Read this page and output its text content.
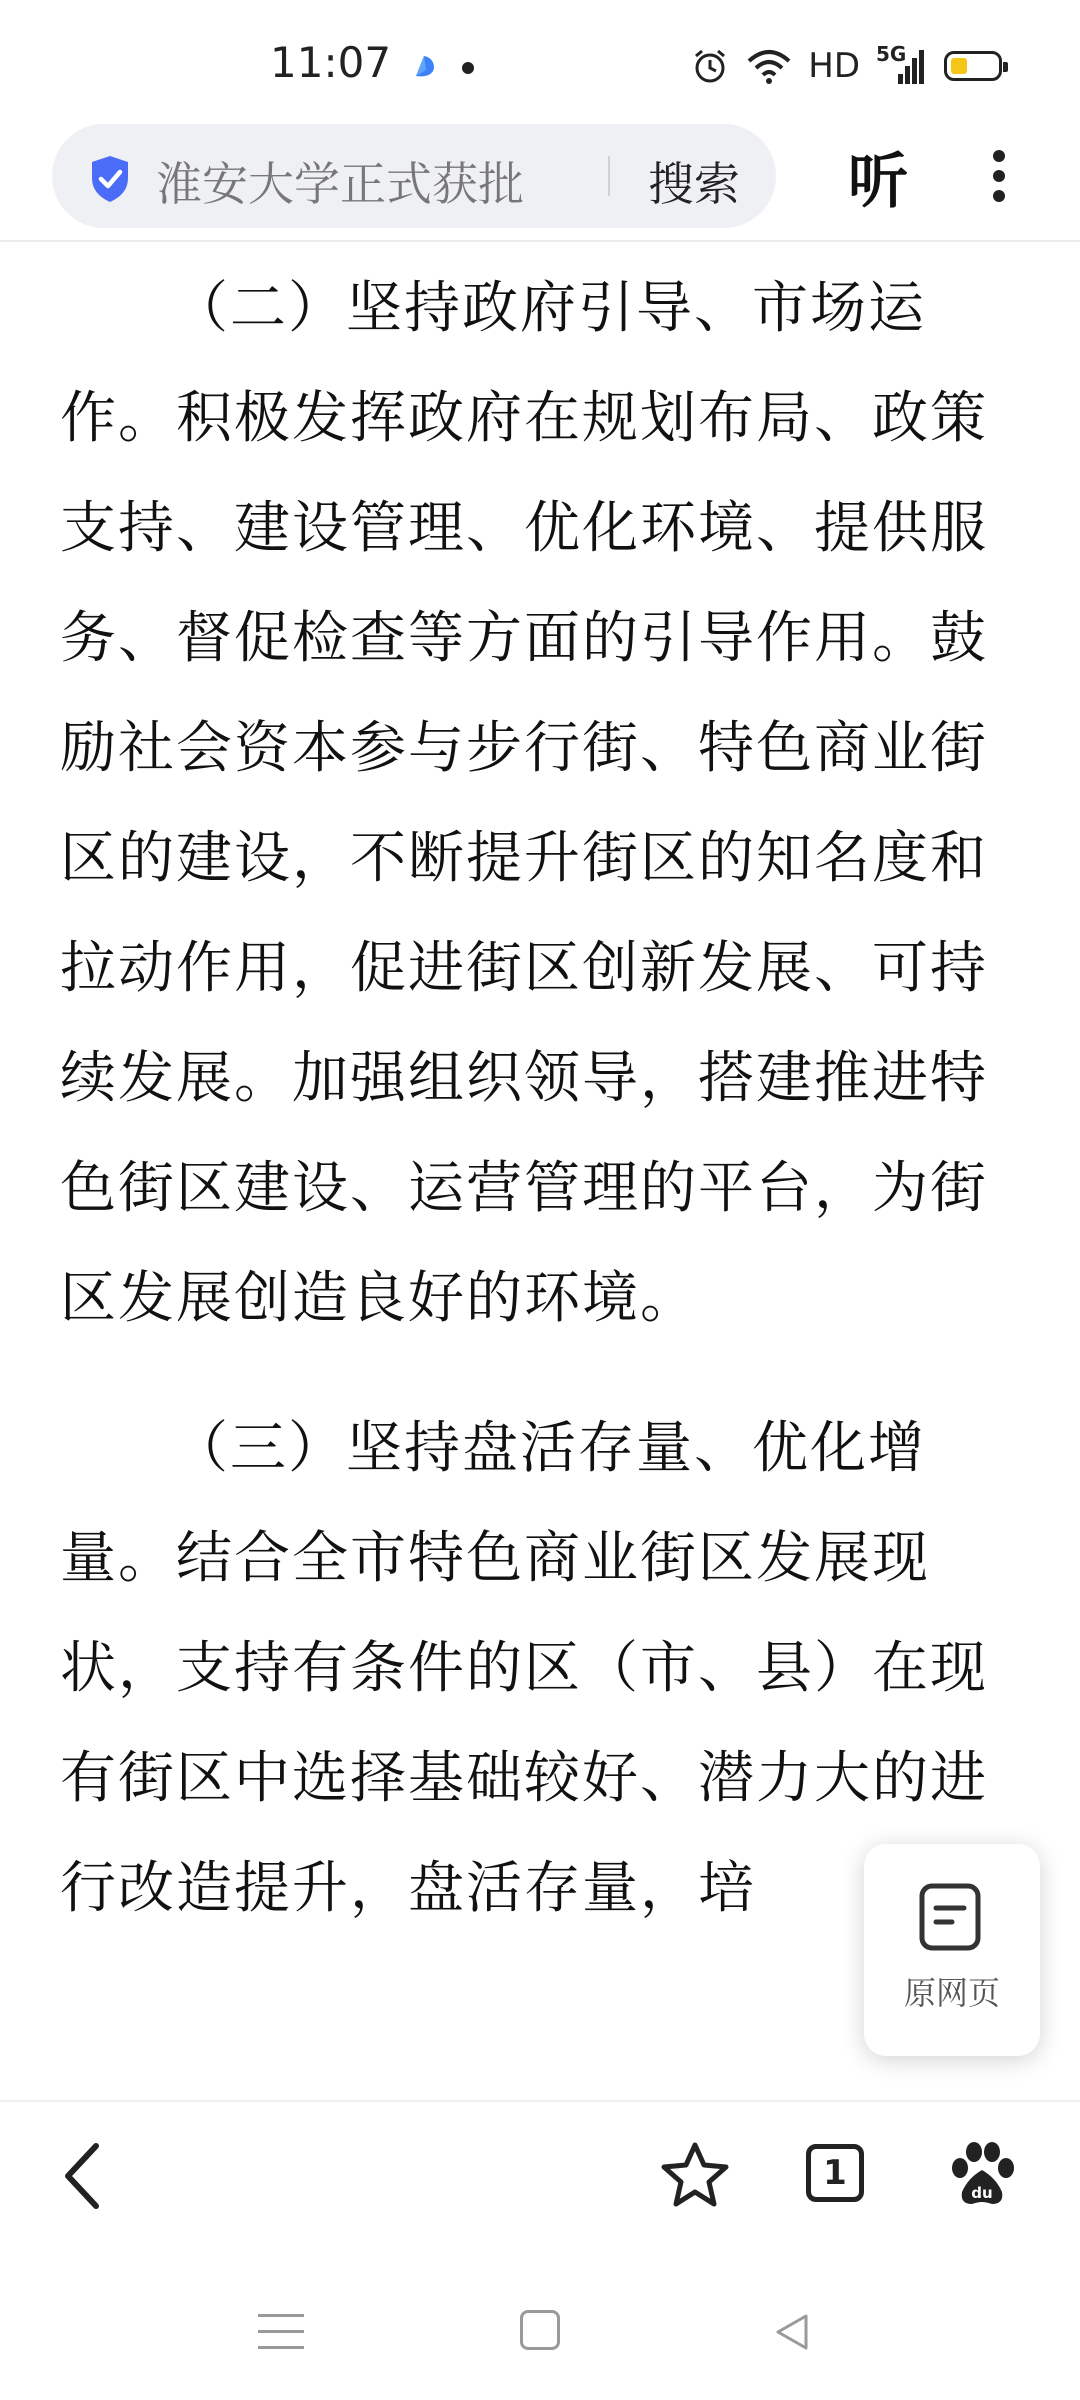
11:07	HD 5G
淮安大学正式获批	搜索 听

（二）坚持政府引导、市场运作。积极发挥政府在规划布局、政策支持、建设管理、优化环境、提供服务、督促检查等方面的引导作用。鼓励社会资本参与步行街、特色商业街区的建设，不断提升街区的知名度和拉动作用，促进街区创新发展、可持续发展。加强组织领导，搭建推进特色街区建设、运营管理的平台，为街区发展创造良好的环境。

（三）坚持盘活存量、优化增量。结合全市特色商业街区发展现状，支持有条件的区（市、县）在现有街区中选择基础较好、潜力大的进行改造提升，盘活存量，培

原网页
1	du
